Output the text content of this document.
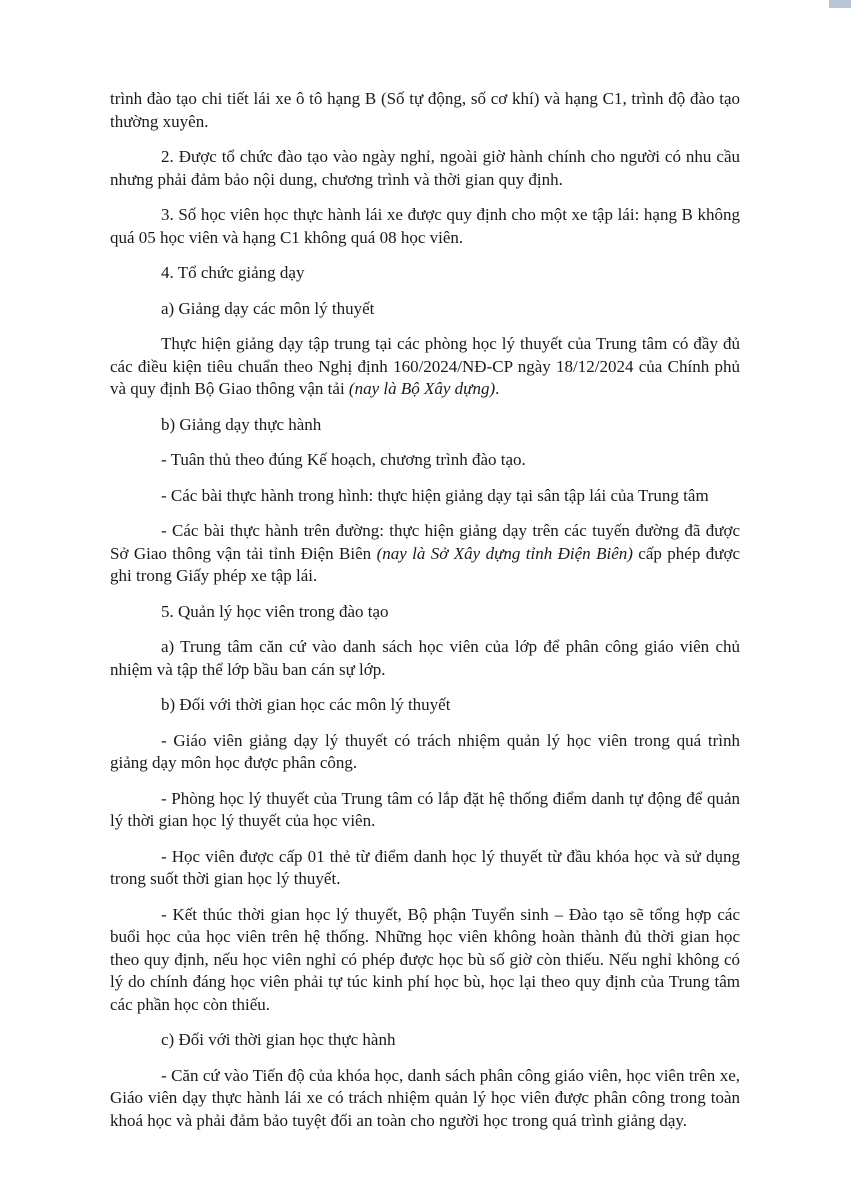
trình đào tạo chi tiết lái xe ô tô hạng B (Số tự động, số cơ khí) và hạng C1, trình độ đào tạo thường xuyên.

2. Được tổ chức đào tạo vào ngày nghỉ, ngoài giờ hành chính cho người có nhu cầu nhưng phải đảm bảo nội dung, chương trình và thời gian quy định.

3. Số học viên học thực hành lái xe được quy định cho một xe tập lái: hạng B không quá 05 học viên và hạng C1 không quá 08 học viên.

4. Tổ chức giảng dạy

a) Giảng dạy các môn lý thuyết

Thực hiện giảng dạy tập trung tại các phòng học lý thuyết của Trung tâm có đầy đủ các điều kiện tiêu chuẩn theo Nghị định 160/2024/NĐ-CP ngày 18/12/2024 của Chính phủ và quy định Bộ Giao thông vận tải (nay là Bộ Xây dựng).

b) Giảng dạy thực hành

- Tuân thủ theo đúng Kế hoạch, chương trình đào tạo.

- Các bài thực hành trong hình: thực hiện giảng dạy tại sân tập lái của Trung tâm

- Các bài thực hành trên đường: thực hiện giảng dạy trên các tuyến đường đã được Sở Giao thông vận tải tỉnh Điện Biên (nay là Sở Xây dựng tỉnh Điện Biên) cấp phép được ghi trong Giấy phép xe tập lái.

5. Quản lý học viên trong đào tạo

a) Trung tâm căn cứ vào danh sách học viên của lớp để phân công giáo viên chủ nhiệm và tập thể lớp bầu ban cán sự lớp.

b) Đối với thời gian học các môn lý thuyết

- Giáo viên giảng dạy lý thuyết có trách nhiệm quản lý học viên trong quá trình giảng dạy môn học được phân công.

- Phòng học lý thuyết của Trung tâm có lắp đặt hệ thống điểm danh tự động để quản lý thời gian học lý thuyết của học viên.

- Học viên được cấp 01 thẻ từ điểm danh học lý thuyết từ đầu khóa học và sử dụng trong suốt thời gian học lý thuyết.

- Kết thúc thời gian học lý thuyết, Bộ phận Tuyển sinh – Đào tạo sẽ tổng hợp các buổi học của học viên trên hệ thống. Những học viên không hoàn thành đủ thời gian học theo quy định, nếu học viên nghỉ có phép được học bù số giờ còn thiếu. Nếu nghỉ không có lý do chính đáng học viên phải tự túc kinh phí học bù, học lại theo quy định của Trung tâm các phần học còn thiếu.

c) Đối với thời gian học thực hành

- Căn cứ vào Tiến độ của khóa học, danh sách phân công giáo viên, học viên trên xe, Giáo viên dạy thực hành lái xe có trách nhiệm quản lý học viên được phân công trong toàn khoá học và phải đảm bảo tuyệt đối an toàn cho người học trong quá trình giảng dạy.
